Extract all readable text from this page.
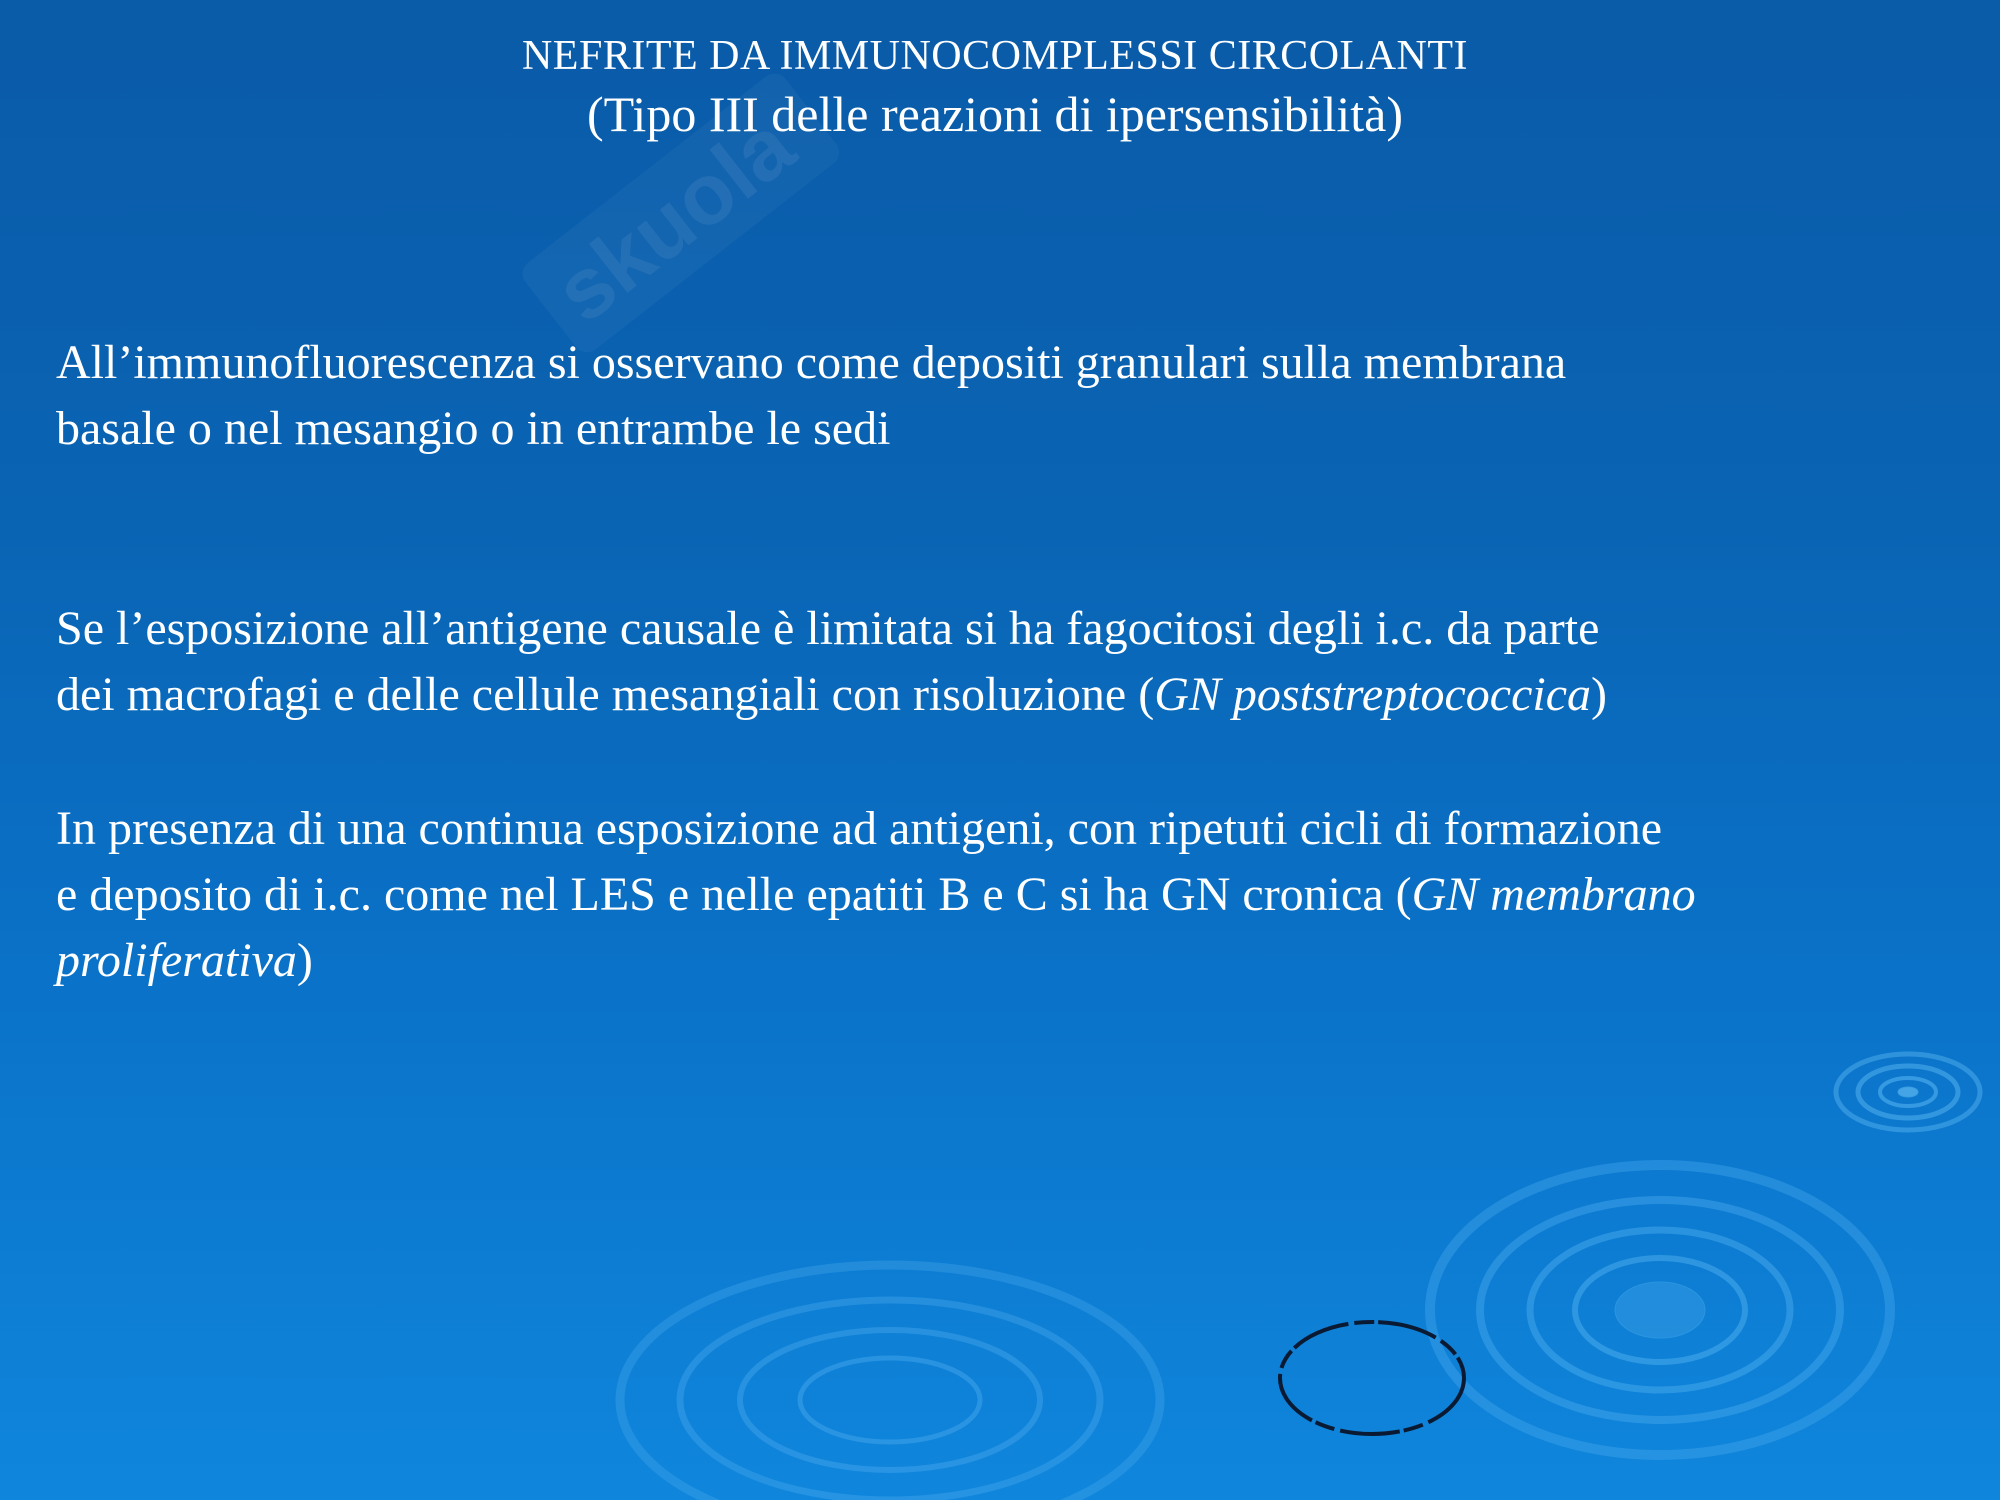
skuola
NEFRITE DA IMMUNOCOMPLESSI CIRCOLANTI
(Tipo III delle reazioni di ipersensibilità)
All’immunofluorescenza si osservano come depositi granulari sulla membrana
basale o nel mesangio o in entrambe le sedi
Se l’esposizione all’antigene causale è limitata si ha fagocitosi degli i.c. da parte
dei macrofagi e delle cellule mesangiali con risoluzione (GN poststreptococcica)
In presenza di una continua esposizione ad antigeni, con ripetuti cicli di formazione
e deposito di i.c. come nel LES e nelle epatiti B e C si ha GN cronica (GN membrano
proliferativa)
